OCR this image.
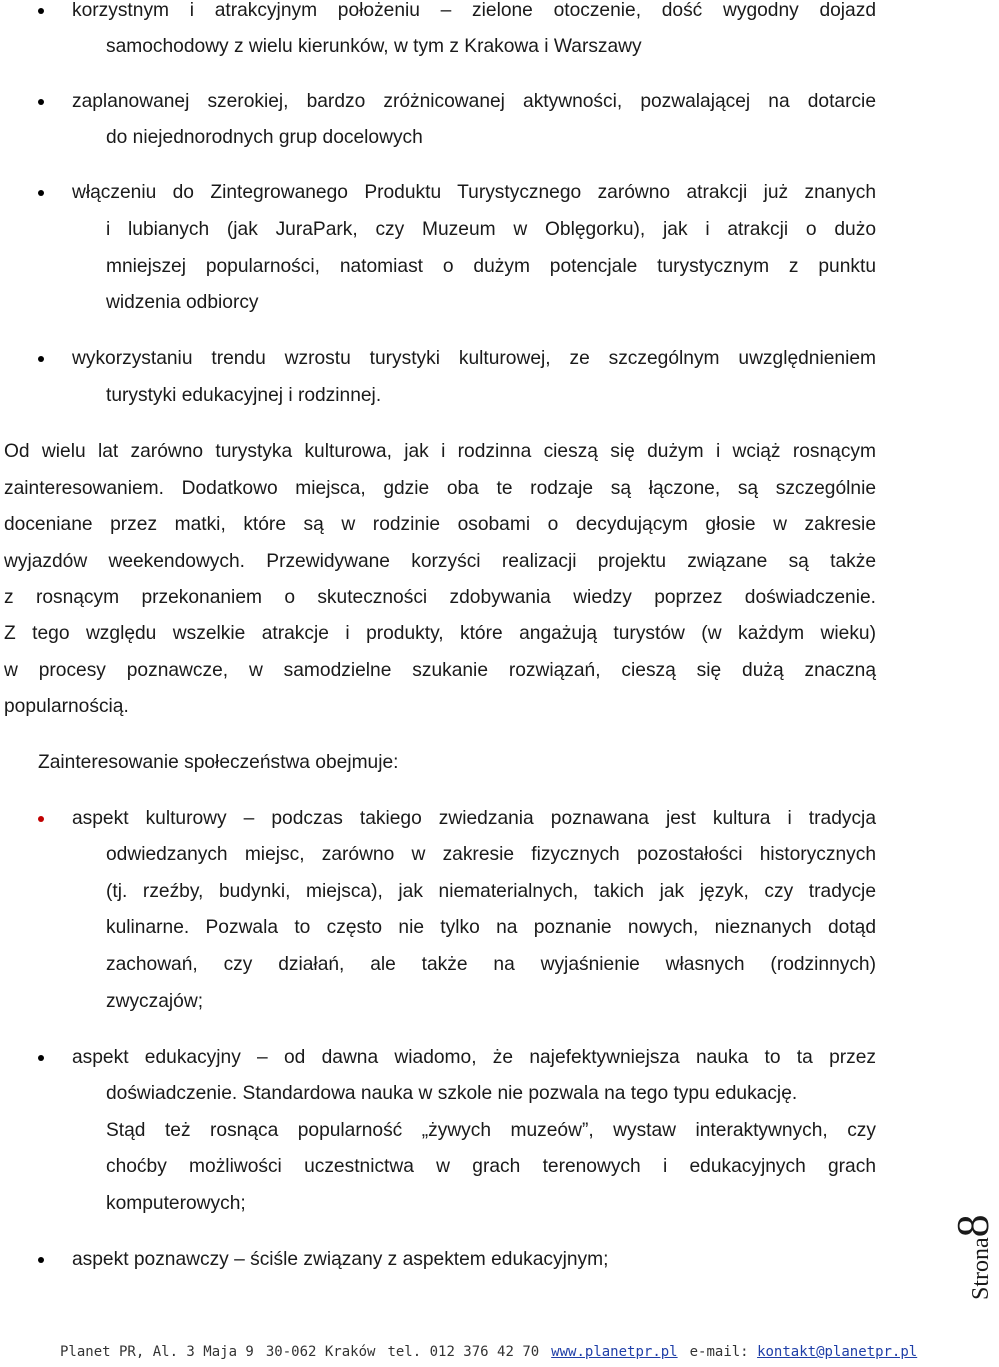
korzystnym i atrakcyjnym położeniu – zielone otoczenie, dość wygodny dojazd

samochodowy z wielu kierunków, w tym z Krakowa i Warszawy

zaplanowanej szerokiej, bardzo zróżnicowanej aktywności, pozwalającej na dotarcie

do niejednorodnych grup docelowych

włączeniu do Zintegrowanego Produktu Turystycznego zarówno atrakcji już znanych

i lubianych (jak JuraPark, czy Muzeum w Oblęgorku), jak i atrakcji o dużo

mniejszej popularności, natomiast o dużym potencjale turystycznym z punktu

widzenia odbiorcy

wykorzystaniu trendu wzrostu turystyki kulturowej, ze szczególnym uwzględnieniem

turystyki edukacyjnej i rodzinnej.

Od wielu lat zarówno turystyka kulturowa, jak i rodzinna cieszą się dużym i wciąż rosnącym

zainteresowaniem. Dodatkowo miejsca, gdzie oba te rodzaje są łączone, są szczególnie

doceniane przez matki, które są w rodzinie osobami o decydującym głosie w zakresie

wyjazdów weekendowych. Przewidywane korzyści realizacji projektu związane są także

z rosnącym przekonaniem o skuteczności zdobywania wiedzy poprzez doświadczenie.

Z tego względu wszelkie atrakcje i produkty, które angażują turystów (w każdym wieku)

w procesy poznawcze, w samodzielne szukanie rozwiązań, cieszą się dużą znaczną

popularnością.

Zainteresowanie społeczeństwa obejmuje:

aspekt kulturowy – podczas takiego zwiedzania poznawana jest kultura i tradycja

odwiedzanych miejsc, zarówno w zakresie fizycznych pozostałości historycznych

(tj. rzeźby, budynki, miejsca), jak niematerialnych, takich jak język, czy tradycje

kulinarne. Pozwala to często nie tylko na poznanie nowych, nieznanych dotąd

zachowań, czy działań, ale także na wyjaśnienie własnych (rodzinnych)

zwyczajów;

aspekt edukacyjny – od dawna wiadomo, że najefektywniejsza nauka to ta przez

doświadczenie. Standardowa nauka w szkole nie pozwala na tego typu edukację.

Stąd też rosnąca popularność „żywych muzeów”, wystaw interaktywnych, czy

choćby możliwości uczestnictwa w grach terenowych i edukacyjnych grach

komputerowych;

aspekt poznawczy – ściśle związany z aspektem edukacyjnym;	Strona8
Planet PR, Al. 3 Maja 9 30-062 Kraków tel. 012 376 42 70 www.planetpr.pl e-mail: kontakt@planetpr.pl
